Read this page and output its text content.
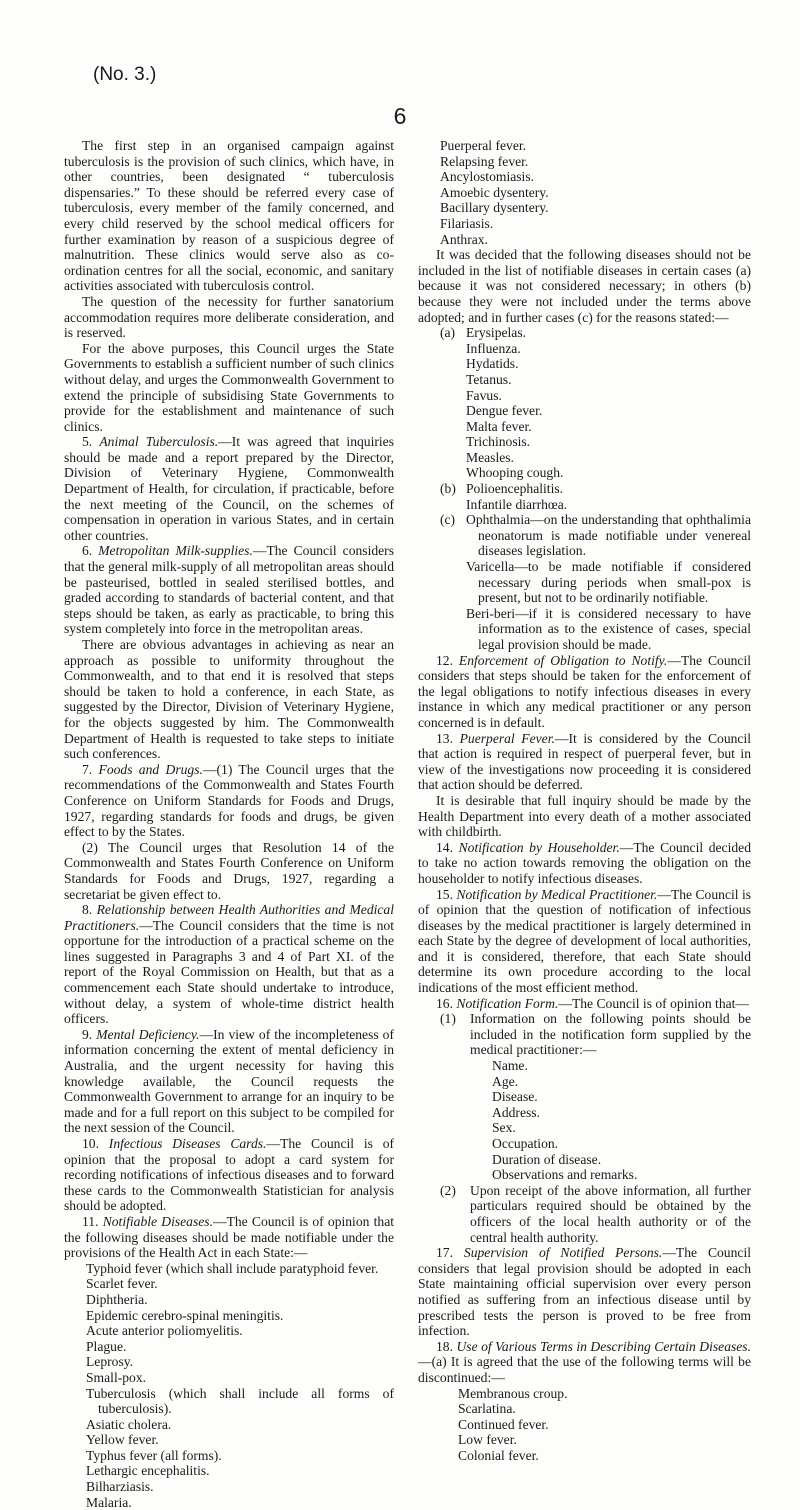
(No. 3.)
6

The first step in an organised campaign against tuberculosis is the provision of such clinics, which have, in other countries, been designated “ tuberculosis dispensaries.” To these should be referred every case of tuberculosis, every member of the family concerned, and every child reserved by the school medical officers for further examination by reason of a suspicious degree of malnutrition. These clinics would serve also as co-ordination centres for all the social, economic, and sanitary activities associated with tuberculosis control.

The question of the necessity for further sanatorium accommodation requires more deliberate consideration, and is reserved.

For the above purposes, this Council urges the State Governments to establish a sufficient number of such clinics without delay, and urges the Commonwealth Government to extend the principle of subsidising State Governments to provide for the establishment and maintenance of such clinics.

5. Animal Tuberculosis.—It was agreed that inquiries should be made and a report prepared by the Director, Division of Veterinary Hygiene, Commonwealth Department of Health, for circulation, if practicable, before the next meeting of the Council, on the schemes of compensation in operation in various States, and in certain other countries.

6. Metropolitan Milk-supplies.—The Council considers that the general milk-supply of all metropolitan areas should be pasteurised, bottled in sealed sterilised bottles, and graded according to standards of bacterial content, and that steps should be taken, as early as practicable, to bring this system completely into force in the metropolitan areas.

There are obvious advantages in achieving as near an approach as possible to uniformity throughout the Commonwealth, and to that end it is resolved that steps should be taken to hold a conference, in each State, as suggested by the Director, Division of Veterinary Hygiene, for the objects suggested by him. The Commonwealth Department of Health is requested to take steps to initiate such conferences.

7. Foods and Drugs.—(1) The Council urges that the recommendations of the Commonwealth and States Fourth Conference on Uniform Standards for Foods and Drugs, 1927, regarding standards for foods and drugs, be given effect to by the States.

(2) The Council urges that Resolution 14 of the Commonwealth and States Fourth Conference on Uniform Standards for Foods and Drugs, 1927, regarding a secretariat be given effect to.

8. Relationship between Health Authorities and Medical Practitioners.—The Council considers that the time is not opportune for the introduction of a practical scheme on the lines suggested in Paragraphs 3 and 4 of Part XI. of the report of the Royal Commission on Health, but that as a commencement each State should undertake to introduce, without delay, a system of whole-time district health officers.

9. Mental Deficiency.—In view of the incompleteness of information concerning the extent of mental deficiency in Australia, and the urgent necessity for having this knowledge available, the Council requests the Commonwealth Government to arrange for an inquiry to be made and for a full report on this subject to be compiled for the next session of the Council.

10. Infectious Diseases Cards.—The Council is of opinion that the proposal to adopt a card system for recording notifications of infectious diseases and to forward these cards to the Commonwealth Statistician for analysis should be adopted.

11. Notifiable Diseases.—The Council is of opinion that the following diseases should be made notifiable under the provisions of the Health Act in each State:—

Typhoid fever (which shall include paratyphoid fever.
Scarlet fever.
Diphtheria.
Epidemic cerebro-spinal meningitis.
Acute anterior poliomyelitis.
Plague.
Leprosy.
Small-pox.
Tuberculosis (which shall include all forms of tuberculosis).
Asiatic cholera.
Yellow fever.
Typhus fever (all forms).
Lethargic encephalitis.
Bilharziasis.
Malaria.
Puerperal fever.
Relapsing fever.
Ancylostomiasis.
Amoebic dysentery.
Bacillary dysentery.
Filariasis.
Anthrax.

It was decided that the following diseases should not be included in the list of notifiable diseases in certain cases (a) because it was not considered necessary; in others (b) because they were not included under the terms above adopted; and in further cases (c) for the reasons stated:—

(a) Erysipelas.
Influenza.
Hydatids.
Tetanus.
Favus.
Dengue fever.
Malta fever.
Trichinosis.
Measles.
Whooping cough.
(b) Polioencephalitis.
Infantile diarrhœa.
(c) Ophthalmia—on the understanding that ophthalimia neonatorum is made notifiable under venereal diseases legislation.
Varicella—to be made notifiable if considered necessary during periods when small-pox is present, but not to be ordinarily notifiable.
Beri-beri—if it is considered necessary to have information as to the existence of cases, special legal provision should be made.

12. Enforcement of Obligation to Notify.—The Council considers that steps should be taken for the enforcement of the legal obligations to notify infectious diseases in every instance in which any medical practitioner or any person concerned is in default.

13. Puerperal Fever.—It is considered by the Council that action is required in respect of puerperal fever, but in view of the investigations now proceeding it is considered that action should be deferred.

It is desirable that full inquiry should be made by the Health Department into every death of a mother associated with childbirth.

14. Notification by Householder.—The Council decided to take no action towards removing the obligation on the householder to notify infectious diseases.

15. Notification by Medical Practitioner.—The Council is of opinion that the question of notification of infectious diseases by the medical practitioner is largely determined in each State by the degree of development of local authorities, and it is considered, therefore, that each State should determine its own procedure according to the local indications of the most efficient method.

16. Notification Form.—The Council is of opinion that—

(1)	Information on the following points should be included in the notification form supplied by the medical practitioner:—
Name.
Age.
Disease.
Address.
Sex.
Occupation.
Duration of disease.
Observations and remarks.
(2)	Upon receipt of the above information, all further particulars required should be obtained by the officers of the local health authority or of the central health authority.

17. Supervision of Notified Persons.—The Council considers that legal provision should be adopted in each State maintaining official supervision over every person notified as suffering from an infectious disease until by prescribed tests the person is proved to be free from infection.

18. Use of Various Terms in Describing Certain Diseases.—(a) It is agreed that the use of the following terms will be discontinued:—

Membranous croup.
Scarlatina.
Continued fever.
Low fever.
Colonial fever.
